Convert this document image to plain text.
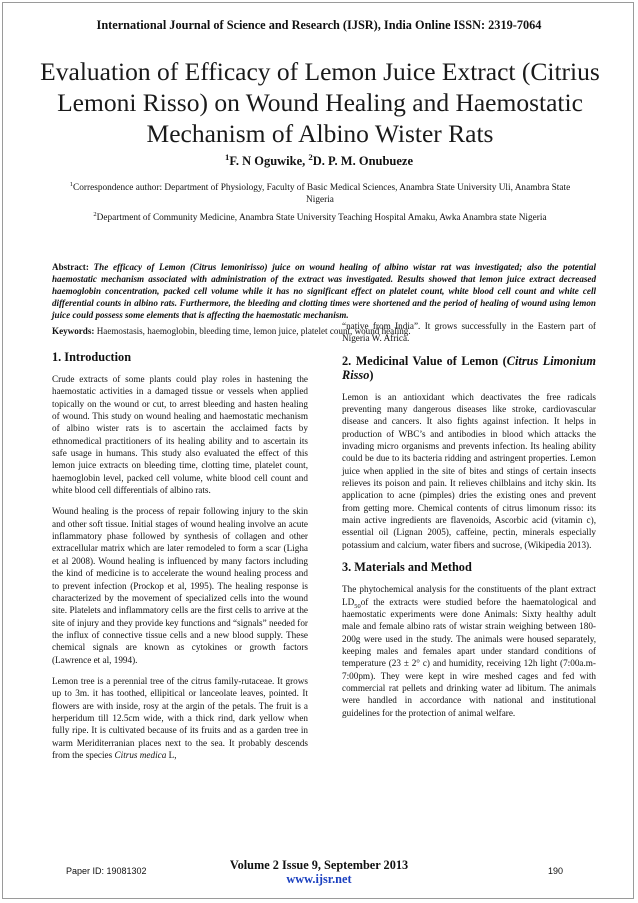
International Journal of Science and Research (IJSR), India Online ISSN: 2319-7064
Evaluation of Efficacy of Lemon Juice Extract (Citrius Lemoni Risso) on Wound Healing and Haemostatic Mechanism of Albino Wister Rats
$^1$F. N Oguwike, $^2$D. P. M. Onubueze
$^1$Correspondence author: Department of Physiology, Faculty of Basic Medical Sciences, Anambra State University Uli, Anambra State Nigeria
$^2$Department of Community Medicine, Anambra State University Teaching Hospital Amaku, Awka Anambra state Nigeria
Abstract: The efficacy of Lemon (Citrus lemonirisso) juice on wound healing of albino wistar rat was investigated; also the potential haemostatic mechanism associated with administration of the extract was investigated. Results showed that lemon juice extract decreased haemoglobin concentration, packed cell volume while it has no significant effect on platelet count, white blood cell count and white cell differential counts in albino rats. Furthermore, the bleeding and clotting times were shortened and the period of healing of wound using lemon juice could possess some elements that is affecting the haemostatic mechanism.
Keywords: Haemostasis, haemoglobin, bleeding time, lemon juice, platelet count, wound healing.
1. Introduction

Crude extracts of some plants could play roles in hastening the haemostatic activities in a damaged tissue or vessels when applied topically on the wound or cut, to arrest bleeding and hasten healing of wound. This study on wound healing and haemostatic mechanism of albino wister rats is to ascertain the acclaimed facts by ethnomedical practitioners of its healing ability and to ascertain its safe usage in humans. This study also evaluated the effect of this lemon juice extracts on bleeding time, clotting time, platelet count, haemoglobin level, packed cell volume, white blood cell count and white blood cell differentials of albino rats.

Wound healing is the process of repair following injury to the skin and other soft tissue. Initial stages of wound healing involve an acute inflammatory phase followed by synthesis of collagen and other extracellular matrix which are later remodeled to form a scar (Ligha et al 2008). Wound healing is influenced by many factors including the kind of medicine is to accelerate the wound healing process and to prevent infection (Prockop et al, 1995). The healing response is characterized by the movement of specialized cells into the wound site. Platelets and inflammatory cells are the first cells to arrive at the site of injury and they provide key functions and “signals” needed for the influx of connective tissue cells and a new blood supply. These chemical signals are known as cytokines or growth factors (Lawrence et al, 1994).

Lemon tree is a perennial tree of the citrus family-rutaceae. It grows up to 3m. it has toothed, ellipitical or lanceolate leaves, pointed. It flowers are with inside, rosy at the argin of the petals. The fruit is a herperidum till 12.5cm wide, with a thick rind, dark yellow when fully ripe. It is cultivated because of its fruits and as a garden tree in warm Meriditerranian places next to the sea. It probably descends from the species Citrus medica L,

“native from India”. It grows successfully in the Eastern part of Nigeria W. Africa.

2. Medicinal Value of Lemon (Citrus Limonium Risso)

Lemon is an antioxidant which deactivates the free radicals preventing many dangerous diseases like stroke, cardiovascular disease and cancers. It also fights against infection. It helps in production of WBC’s and antibodies in blood which attacks the invading micro organisms and prevents infection. Its healing ability could be due to its bacteria ridding and astringent properties. Lemon juice when applied in the site of bites and stings of certain insects relieves its poison and pain. It relieves chilblains and itchy skin. Its application to acne (pimples) dries the existing ones and prevent from getting more. Chemical contents of citrus limonum risso: its main active ingredients are flavenoids, Ascorbic acid (vitamin c), essential oil (Lignan 2005), caffeine, pectin, minerals especially potassium and calcium, water fibers and sucrose, (Wikipedia 2013).

3. Materials and Method

The phytochemical analysis for the constituents of the plant extract $LD_{50}of$ the extracts were studied before the haematological and haemostatic experiments were done Animals: Sixty healthy adult male and female albino rats of wistar strain weighing between 180-200g were used in the study. The animals were housed separately, keeping males and females apart under standard conditions of temperature (23 ± 2° c) and humidity, receiving 12h light (7:00a.m-7:00pm). They were kept in wire meshed cages and fed with commercial rat pellets and drinking water ad libitum. The animals were handled in accordance with national and institutional guidelines for the protection of animal welfare.

Paper ID: 19081302	Volume 2 Issue 9, September 2013
www.ijsr.net
190
